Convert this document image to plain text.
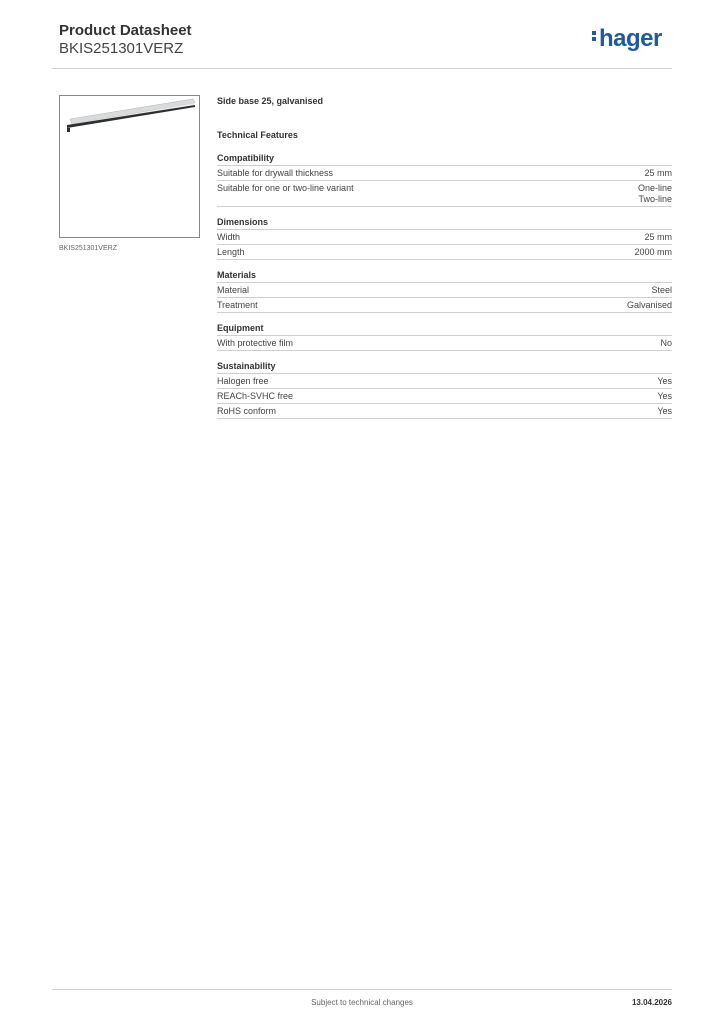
Product Datasheet
BKIS251301VERZ	hager
BKIS251301VERZ
Side base 25, galvanised
Technical Features
Compatibility
Suitable for drywall thickness	25 mm
Suitable for one or two-line variant	One-line
Two-line
Dimensions
Width	25 mm
Length	2000 mm
Materials
Material	Steel
Treatment	Galvanised
Equipment
With protective film	No
Sustainability
Halogen free	Yes
REACh-SVHC free	Yes
RoHS conform	Yes
Subject to technical changes	13.04.2026
